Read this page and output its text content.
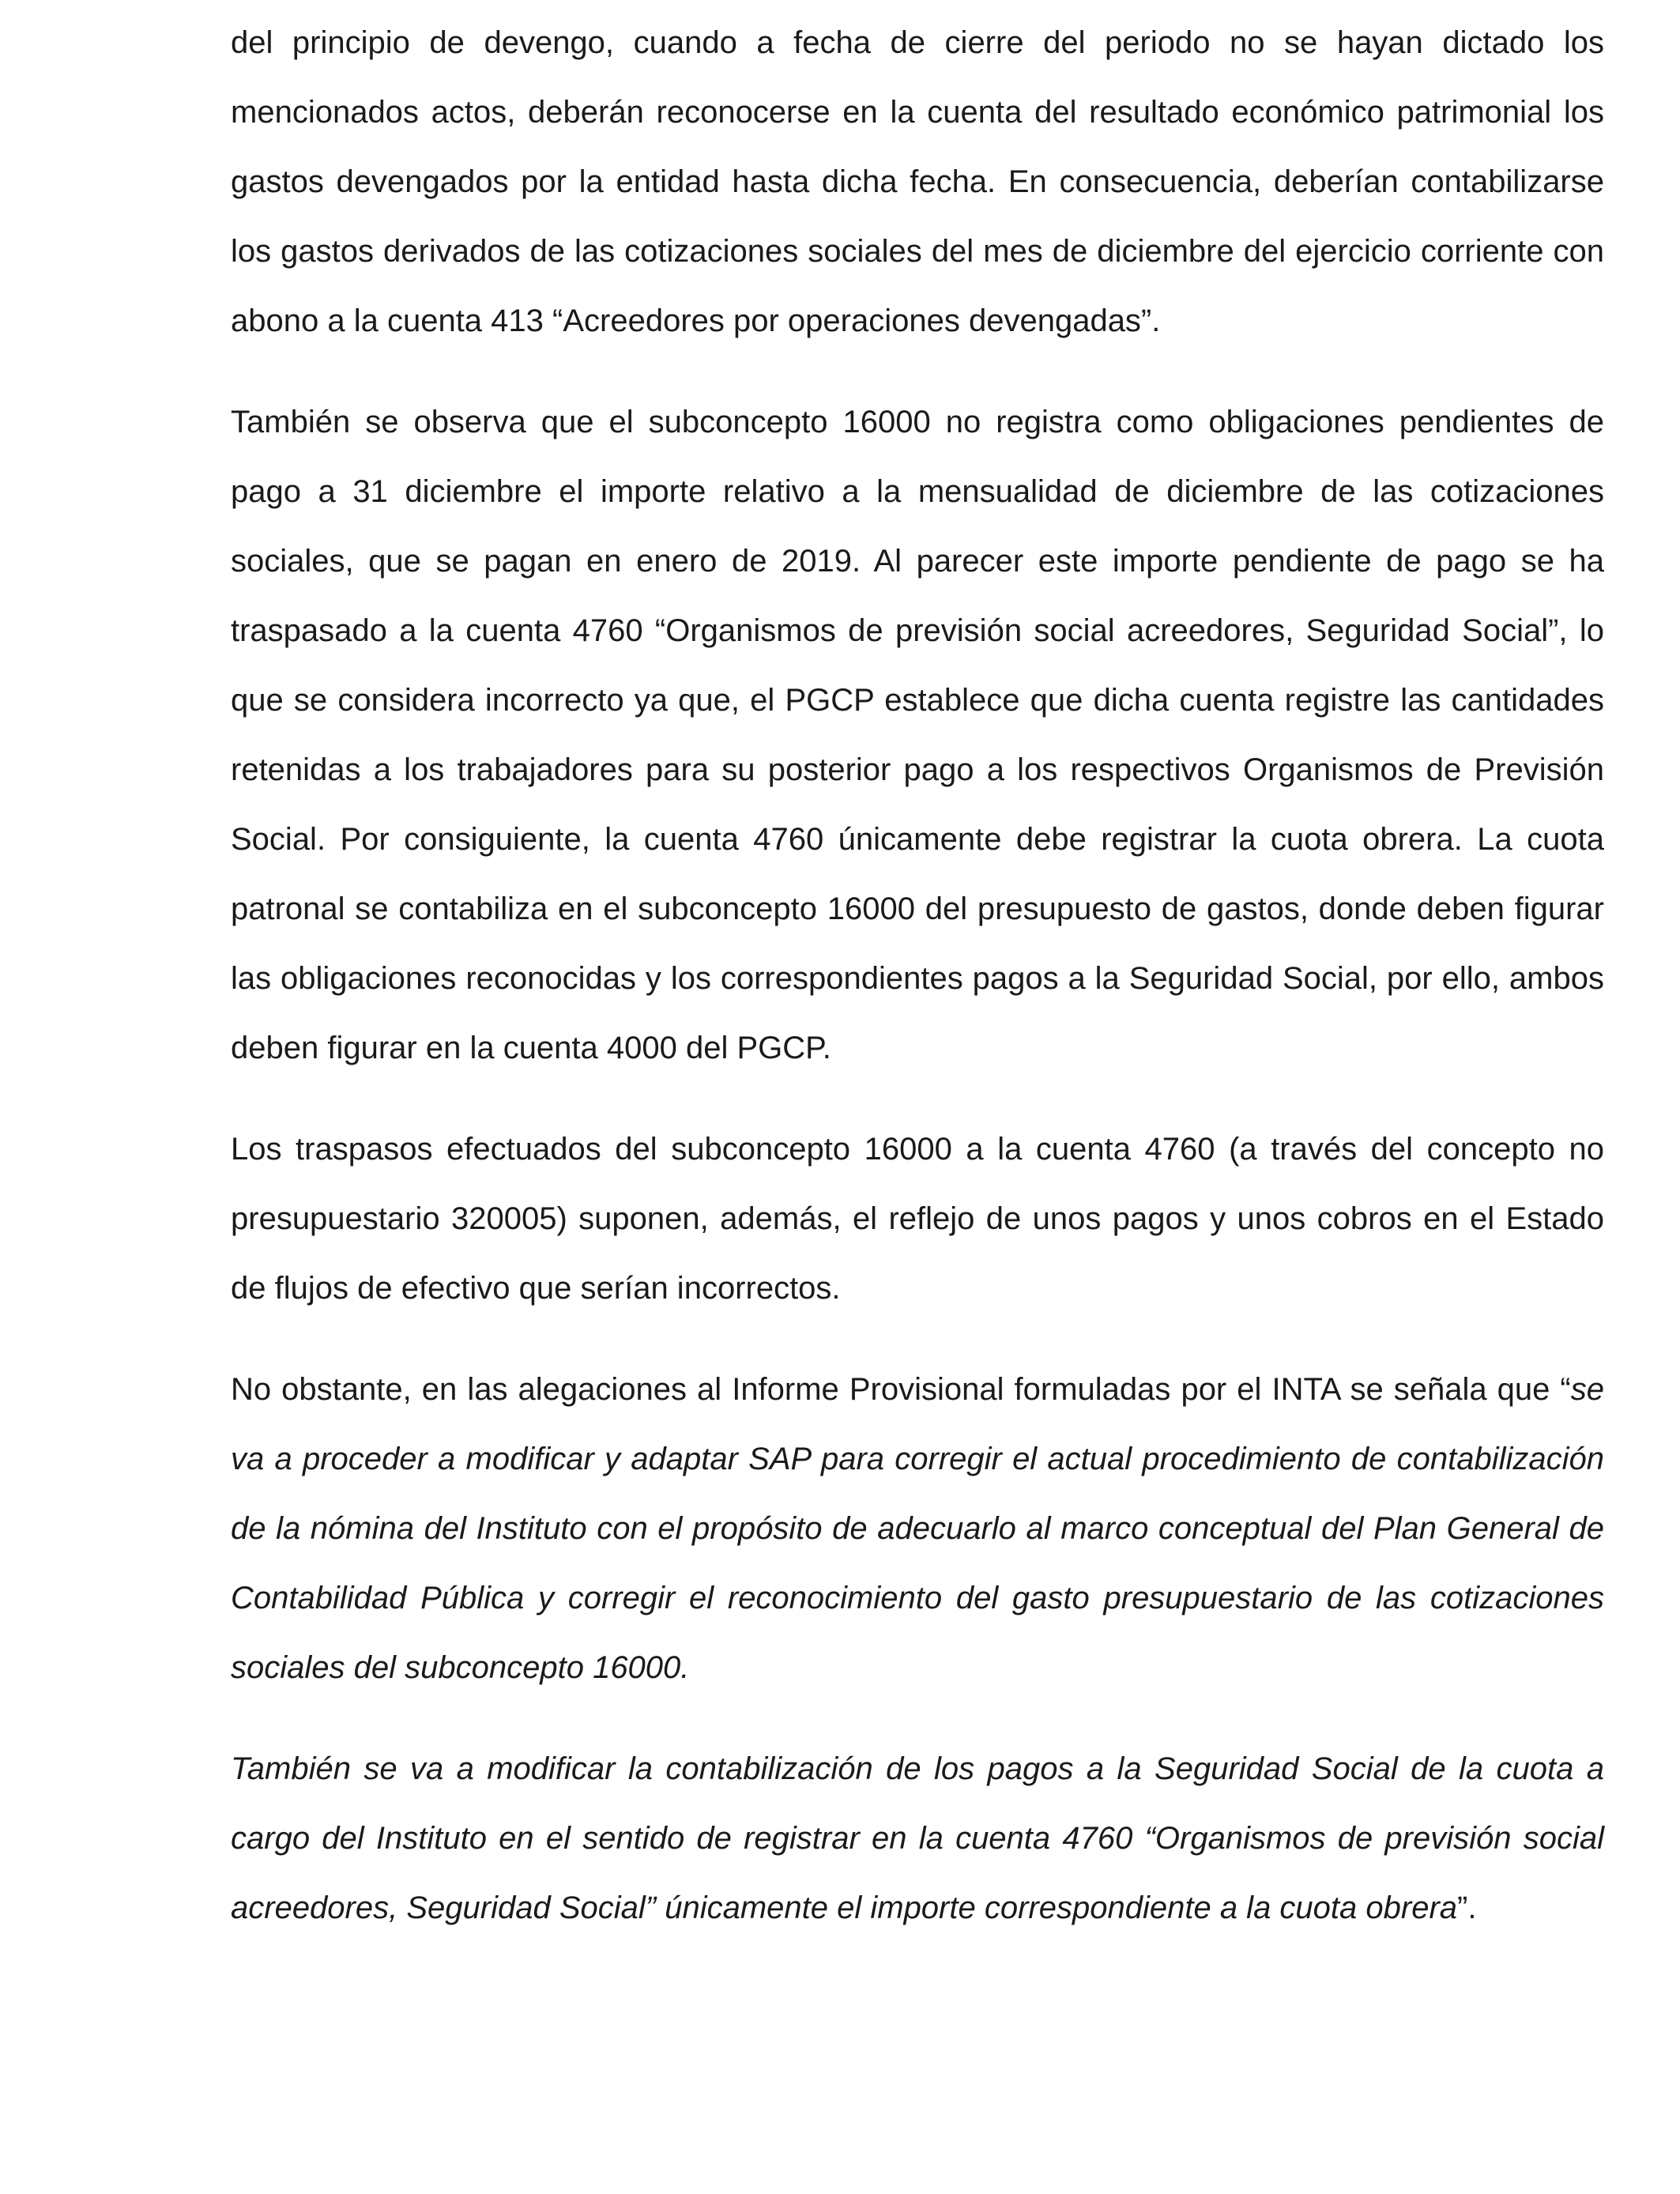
del principio de devengo, cuando a fecha de cierre del periodo no se hayan dictado los mencionados actos, deberán reconocerse en la cuenta del resultado económico patrimonial los gastos devengados por la entidad hasta dicha fecha. En consecuencia, deberían contabilizarse los gastos derivados de las cotizaciones sociales del mes de diciembre del ejercicio corriente con abono a la cuenta 413 “Acreedores por operaciones devengadas”.

También se observa que el subconcepto 16000 no registra como obligaciones pendientes de pago a 31 diciembre el importe relativo a la mensualidad de diciembre de las cotizaciones sociales, que se pagan en enero de 2019. Al parecer este importe pendiente de pago se ha traspasado a la cuenta 4760 “Organismos de previsión social acreedores, Seguridad Social”, lo que se considera incorrecto ya que, el PGCP establece que dicha cuenta registre las cantidades retenidas a los trabajadores para su posterior pago a los respectivos Organismos de Previsión Social. Por consiguiente, la cuenta 4760 únicamente debe registrar la cuota obrera. La cuota patronal se contabiliza en el subconcepto 16000 del presupuesto de gastos, donde deben figurar las obligaciones reconocidas y los correspondientes pagos a la Seguridad Social, por ello, ambos deben figurar en la cuenta 4000 del PGCP.

Los traspasos efectuados del subconcepto 16000 a la cuenta 4760 (a través del concepto no presupuestario 320005) suponen, además, el reflejo de unos pagos y unos cobros en el Estado de flujos de efectivo que serían incorrectos.

No obstante, en las alegaciones al Informe Provisional formuladas por el INTA se señala que “se va a proceder a modificar y adaptar SAP para corregir el actual procedimiento de contabilización de la nómina del Instituto con el propósito de adecuarlo al marco conceptual del Plan General de Contabilidad Pública y corregir el reconocimiento del gasto presupuestario de las cotizaciones sociales del subconcepto 16000.

También se va a modificar la contabilización de los pagos a la Seguridad Social de la cuota a cargo del Instituto en el sentido de registrar en la cuenta 4760 “Organismos de previsión social acreedores, Seguridad Social” únicamente el importe correspondiente a la cuota obrera”.
